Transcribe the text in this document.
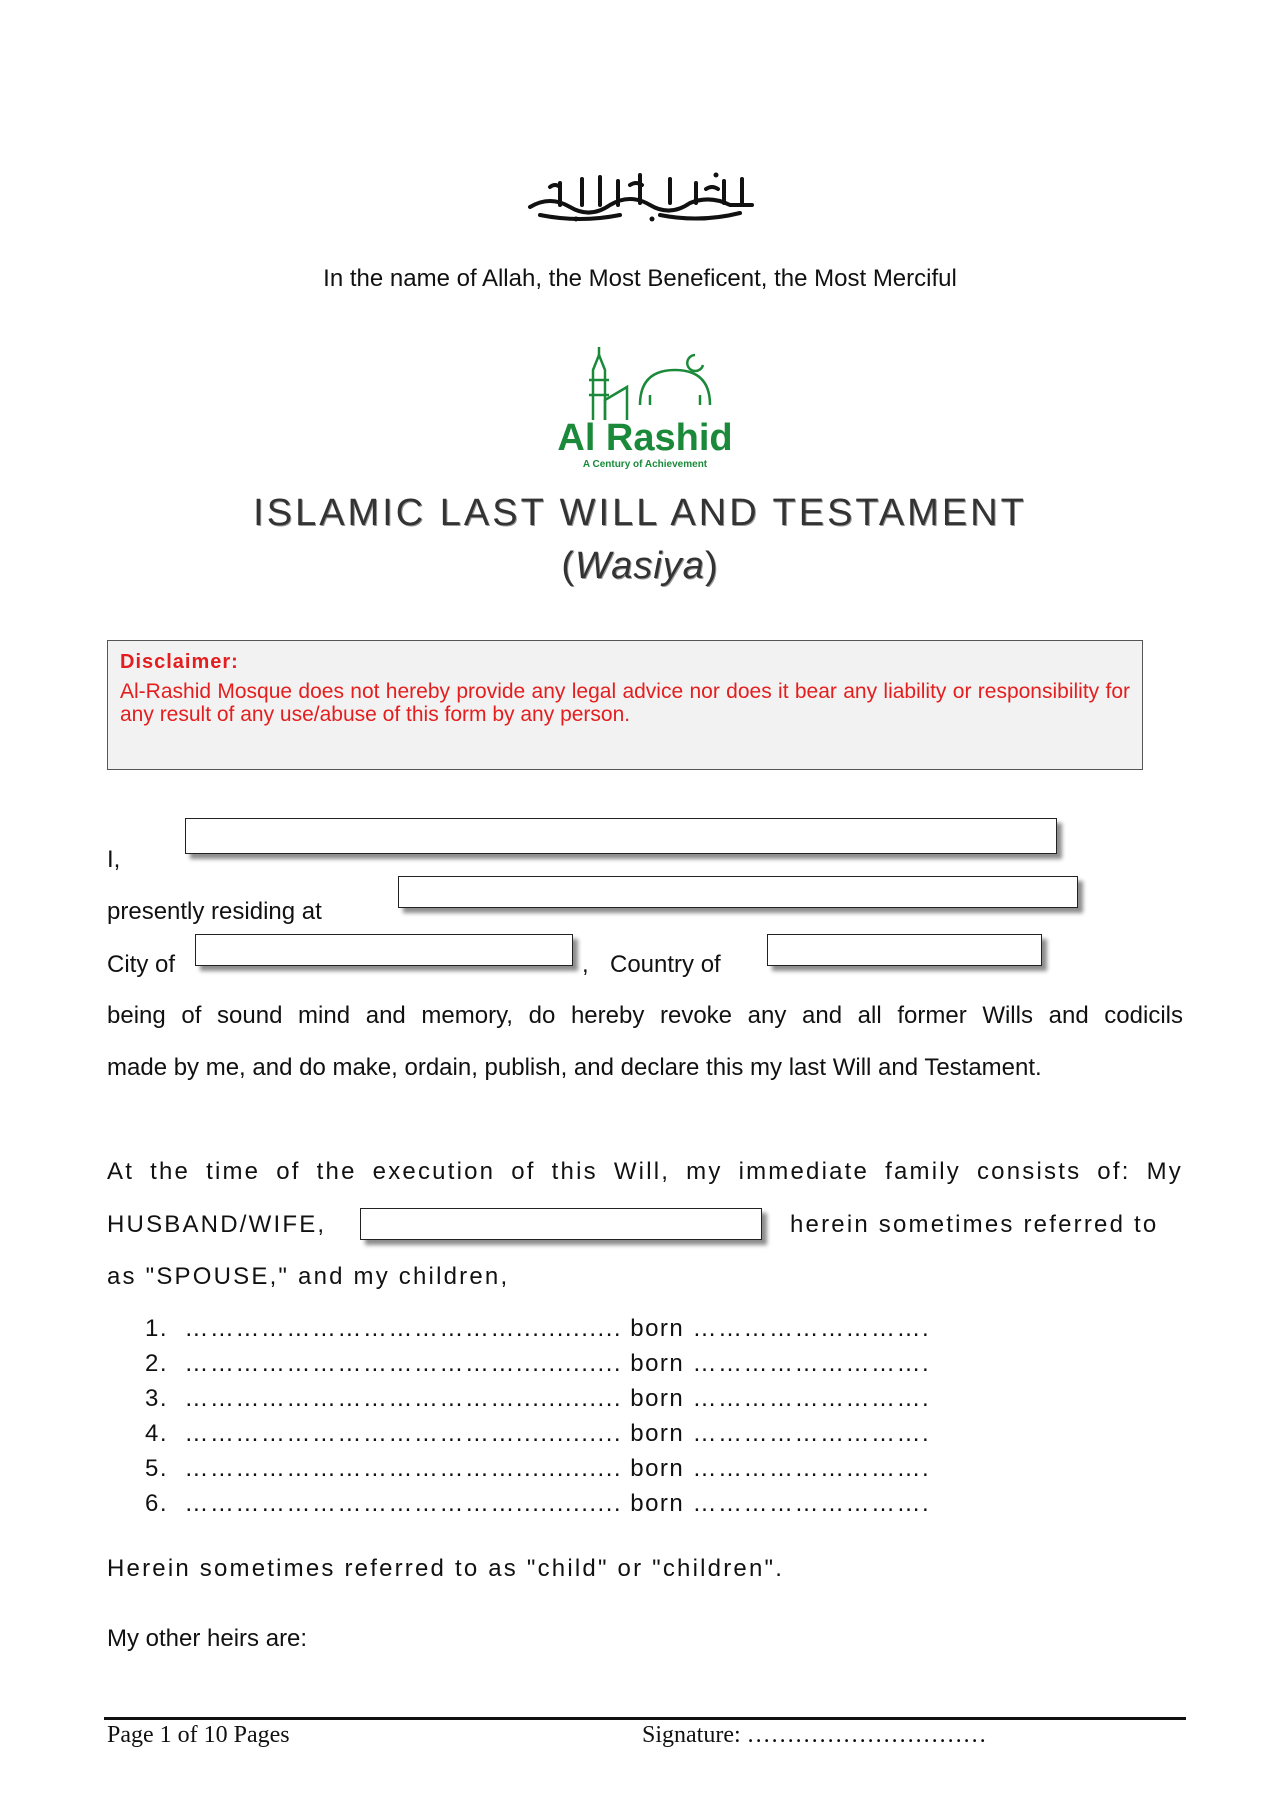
In the name of Allah, the Most Beneficent, the Most Merciful
Al Rashid
A Century of Achievement
ISLAMIC LAST WILL AND TESTAMENT
(Wasiya)
Disclaimer:
Al-Rashid Mosque does not hereby provide any legal advice nor does it bear any liability or responsibility for any result of any use/abuse of this form by any person.
I,
presently residing at
City of	, Country of
being of sound mind and memory, do hereby revoke any and all former Wills and codicils
made by me, and do make, ordain, publish, and declare this my last Will and Testament.
At the time of the execution of this Will, my immediate family consists of: My
HUSBAND/WIFE,	herein sometimes referred to
as "SPOUSE," and my children,
1. …………………………………............. born ……………………….
2. …………………………………............. born ……………………….
3. …………………………………............. born ……………………….
4. …………………………………............. born ……………………….
5. …………………………………............. born ……………………….
6. …………………………………............. born ……………………….
Herein sometimes referred to as "child" or "children".
My other heirs are:
Page 1 of 10 Pages	Signature: …………………………
